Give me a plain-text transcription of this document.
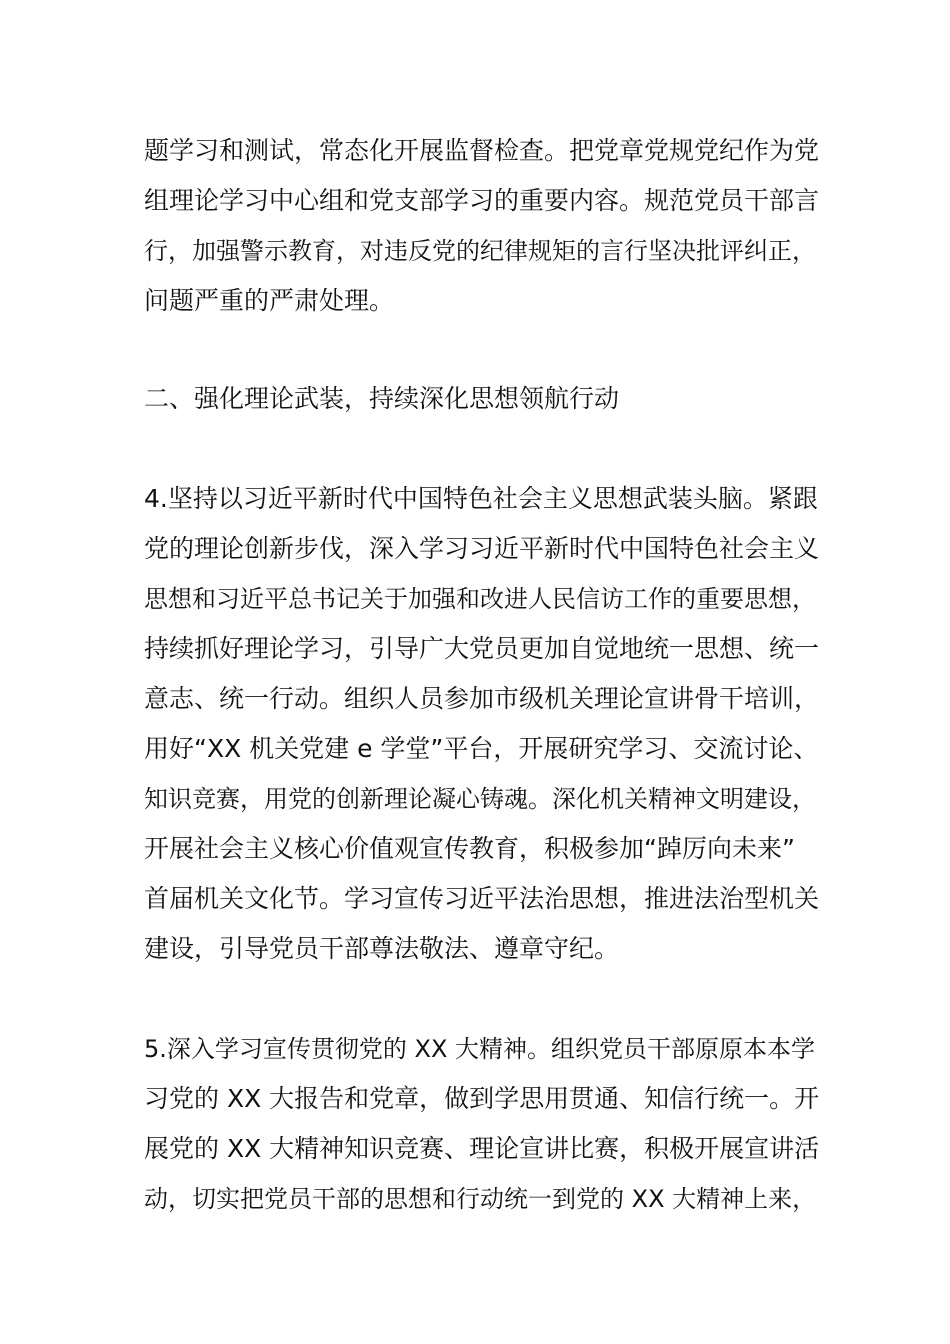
题学习和测试，常态化开展监督检查。把党章党规党纪作为党

组理论学习中心组和党支部学习的重要内容。规范党员干部言

行，加强警示教育，对违反党的纪律规矩的言行坚决批评纠正，

问题严重的严肃处理。

二、强化理论武装，持续深化思想领航行动

4.坚持以习近平新时代中国特色社会主义思想武装头脑。紧跟

党的理论创新步伐，深入学习习近平新时代中国特色社会主义

思想和习近平总书记关于加强和改进人民信访工作的重要思想，

持续抓好理论学习，引导广大党员更加自觉地统一思想、统一

意志、统一行动。组织人员参加市级机关理论宣讲骨干培训，

用好“XX 机关党建 e 学堂”平台，开展研究学习、交流讨论、

知识竞赛，用党的创新理论凝心铸魂。深化机关精神文明建设，

开展社会主义核心价值观宣传教育，积极参加“踔厉向未来”

首届机关文化节。学习宣传习近平法治思想，推进法治型机关

建设，引导党员干部尊法敬法、遵章守纪。

5.深入学习宣传贯彻党的 XX 大精神。组织党员干部原原本本学

习党的 XX 大报告和党章，做到学思用贯通、知信行统一。开

展党的 XX 大精神知识竞赛、理论宣讲比赛，积极开展宣讲活

动，切实把党员干部的思想和行动统一到党的 XX 大精神上来，
